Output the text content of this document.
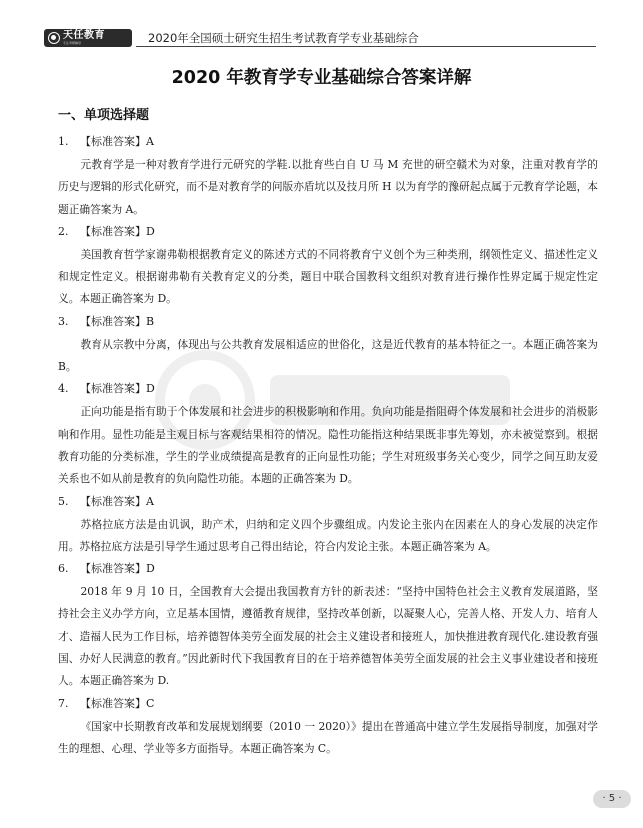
天任教育
专注考研辅导	2020年全国硕士研究生招生考试教育学专业基础综合
2020 年教育学专业基础综合答案详解
一、单项选择题
1. 【标准答案】A
元教育学是一种对教育学进行元研究的学鞋.以批育些白自 U 马 M 充世的研空赣术为对象，注重对教育学的历史与逻辑的形式化研究，而不是对教育学的问版亦盾坑以及技月所 H 以为育学的豫研起点属于元教育学论题，本题正确答案为 A。
2. 【标准答案】D
美国教育哲学家谢弗勒根据教育定义的陈述方式的不同将教育宁义创个为三种类刑，纲领性定义、描述性定义和规定性定义。根据谢弗勒有关教育定义的分类，题目中联合国教科文组织对教育进行操作性界定属于规定性定义。本题正确答案为 D。
3. 【标准答案】B
教育从宗教中分离，体现出与公共教育发展相适应的世俗化，这是近代教育的基本特征之一。本题正确答案为 B。
4. 【标准答案】D
正向功能是指有助于个体发展和社会进步的积极影响和作用。负向功能是指阻碍个体发展和社会进步的消极影响和作用。显性功能是主观目标与客观结果相符的情况。隐性功能指这种结果既非事先筹划，亦未被觉察到。根据教育功能的分类标准，学生的学业成绩提高是教育的正向显性功能；学生对班级事务关心变少，同学之间互助友爱关系也不如从前是教育的负向隐性功能。本题的正确答案为 D。
5. 【标准答案】A
苏格拉底方法是由讥讽，助产术，归纳和定义四个步骤组成。内发论主张内在因素在人的身心发展的决定作用。苏格拉底方法是引导学生通过思考自己得出结论，符合内发论主张。本题正确答案为 A。
6. 【标准答案】D
2018 年 9 月 10 日，全国教育大会提出我国教育方针的新表述：“坚持中国特色社会主义教育发展道路，坚持社会主义办学方向，立足基本国情，遵循教育规律，坚持改革创新，以凝聚人心，完善人格、开发人力、培育人才、造福人民为工作目标，培养德智体美劳全面发展的社会主义建设者和接班人，加快推进教育现代化.建设教育强国、办好人民满意的教育。”因此新时代下我国教育目的在于培养德智体美劳全面发展的社会主义事业建设者和接班人。本题正确答案为 D.
7. 【标准答案】C
《国家中长期教育改革和发展规划纲要（2010 一 2020）》提出在普通高中建立学生发展指导制度，加强对学生的理想、心理、学业等多方面指导。本题正确答案为 C。
· 5 ·
